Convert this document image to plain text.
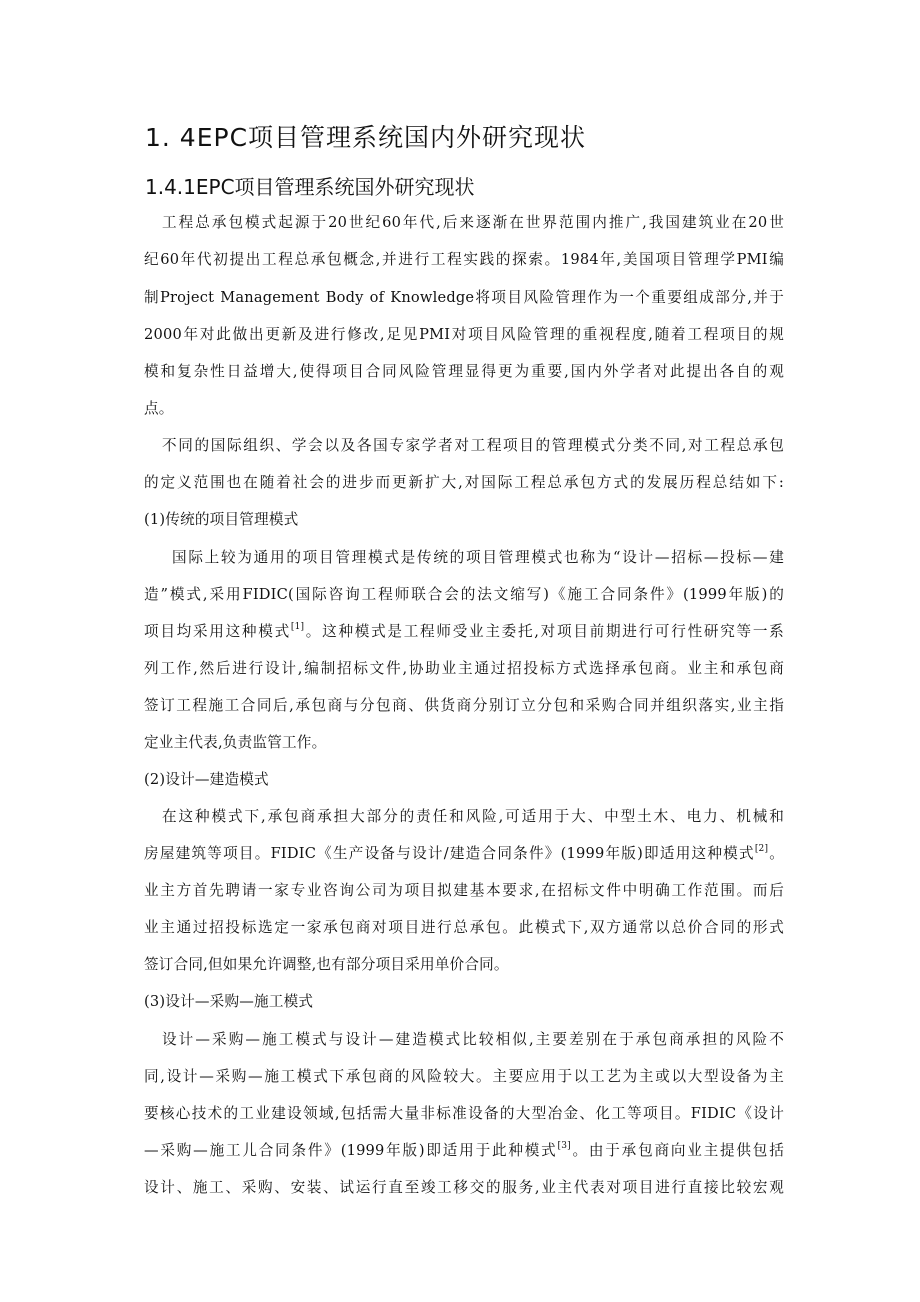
1. 4EPC项目管理系统国内外研究现状
1.4.1EPC项目管理系统国外研究现状
工程总承包模式起源于20世纪60年代,后来逐渐在世界范围内推广,我国建筑业在20世
纪60年代初提出工程总承包概念,并进行工程实践的探索。1984年,美国项目管理学PMI编
制Project Management Body of Knowledge将项目风险管理作为一个重要组成部分,并于
2000年对此做出更新及进行修改,足见PMI对项目风险管理的重视程度,随着工程项目的规
模和复杂性日益增大,使得项目合同风险管理显得更为重要,国内外学者对此提出各自的观
点。
不同的国际组织、学会以及各国专家学者对工程项目的管理模式分类不同,对工程总承包
的定义范围也在随着社会的进步而更新扩大,对国际工程总承包方式的发展历程总结如下:
(1)传统的项目管理模式
国际上较为通用的项目管理模式是传统的项目管理模式也称为“设计—招标—投标—建
造”模式,采用FIDIC(国际咨询工程师联合会的法文缩写)《施工合同条件》(1999年版)的
项目均采用这种模式[1]。这种模式是工程师受业主委托,对项目前期进行可行性研究等一系
列工作,然后进行设计,编制招标文件,协助业主通过招投标方式选择承包商。业主和承包商
签订工程施工合同后,承包商与分包商、供货商分别订立分包和采购合同并组织落实,业主指
定业主代表,负责监管工作。
(2)设计—建造模式
在这种模式下,承包商承担大部分的责任和风险,可适用于大、中型土木、电力、机械和
房屋建筑等项目。FIDIC《生产设备与设计/建造合同条件》(1999年版)即适用这种模式[2]。
业主方首先聘请一家专业咨询公司为项目拟建基本要求,在招标文件中明确工作范围。而后
业主通过招投标选定一家承包商对项目进行总承包。此模式下,双方通常以总价合同的形式
签订合同,但如果允许调整,也有部分项目采用单价合同。
(3)设计—采购—施工模式
设计—采购—施工模式与设计—建造模式比较相似,主要差别在于承包商承担的风险不
同,设计—采购—施工模式下承包商的风险较大。主要应用于以工艺为主或以大型设备为主
要核心技术的工业建设领域,包括需大量非标准设备的大型冶金、化工等项目。FIDIC《设计
—采购—施工儿合同条件》(1999年版)即适用于此种模式[3]。由于承包商向业主提供包括
设计、施工、采购、安装、试运行直至竣工移交的服务,业主代表对项目进行直接比较宏观
